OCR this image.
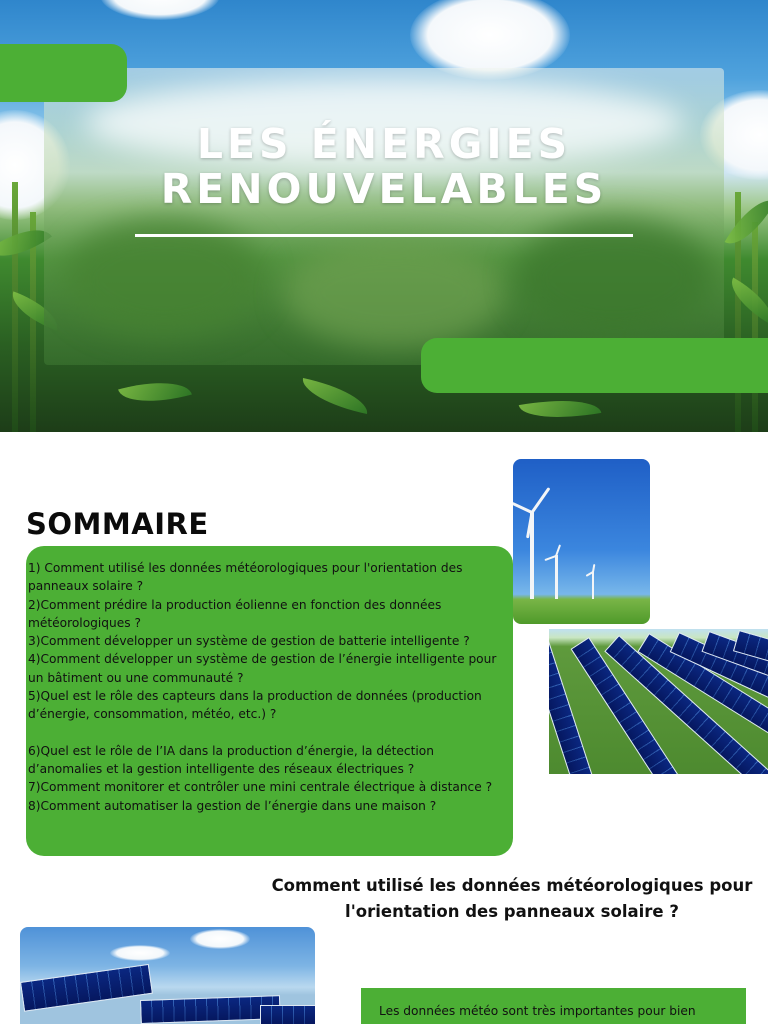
LES ÉNERGIES
RENOUVELABLES
SOMMAIRE
1) Comment utilisé les données météorologiques pour l'orientation des panneaux solaire ?
2)Comment prédire la production éolienne en fonction des données météorologiques ?
3)Comment développer un système de gestion de batterie intelligente ?
4)Comment développer un système de gestion de l’énergie intelligente pour un bâtiment ou une communauté ?
5)Quel est le rôle des capteurs dans la production de données (production d’énergie, consommation, météo, etc.) ?
6)Quel est le rôle de l’IA dans la production d’énergie, la détection d’anomalies et la gestion intelligente des réseaux électriques ?
7)Comment monitorer et contrôler une mini centrale électrique à distance ?
8)Comment automatiser la gestion de l’énergie dans une maison ?
Comment utilisé les données météorologiques pour l'orientation des panneaux solaire ?

Les données météo sont très importantes pour bien
